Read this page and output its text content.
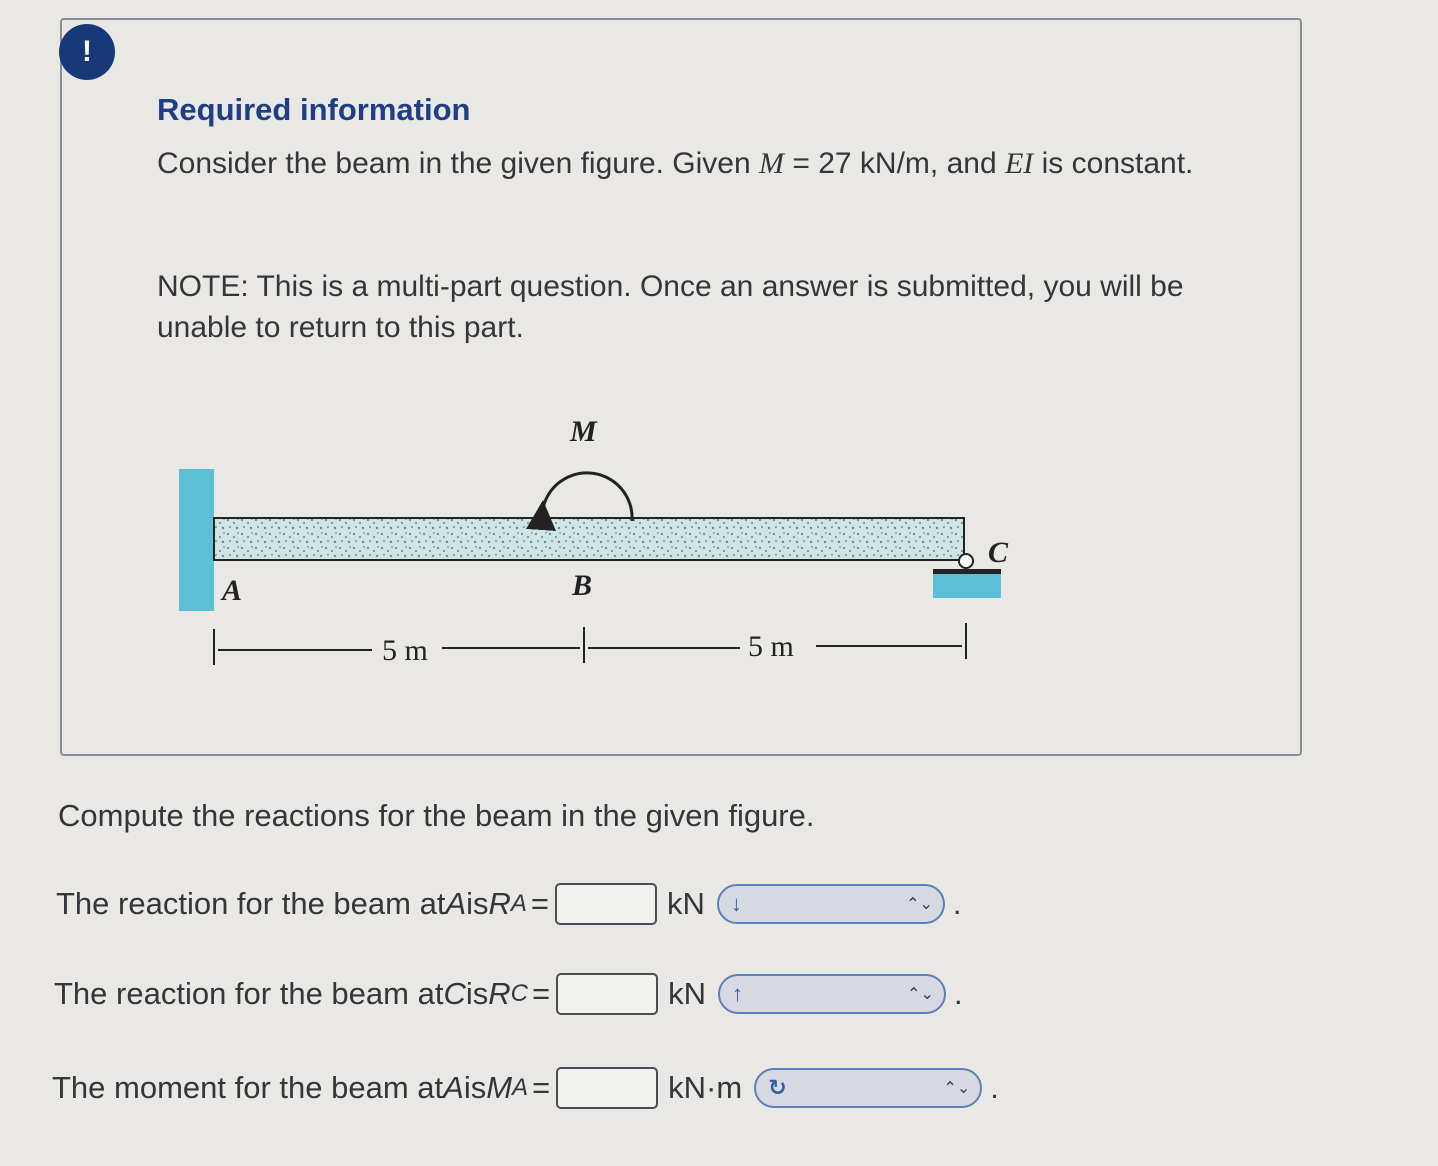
!
Required information
Consider the beam in the given figure. Given M = 27 kN/m, and EI is constant.
NOTE: This is a multi-part question. Once an answer is submitted, you will be unable to return to this part.
M
A	B
C
5 m	5 m
Compute the reactions for the beam in the given figure.
The reaction for the beam at A is R A =	kN ↓	⌃⌄ .
The reaction for the beam at C is R C =	kN ↑	⌃⌄ .
The moment for the beam at A is M A =	kN·m ↻	⌃⌄ .
